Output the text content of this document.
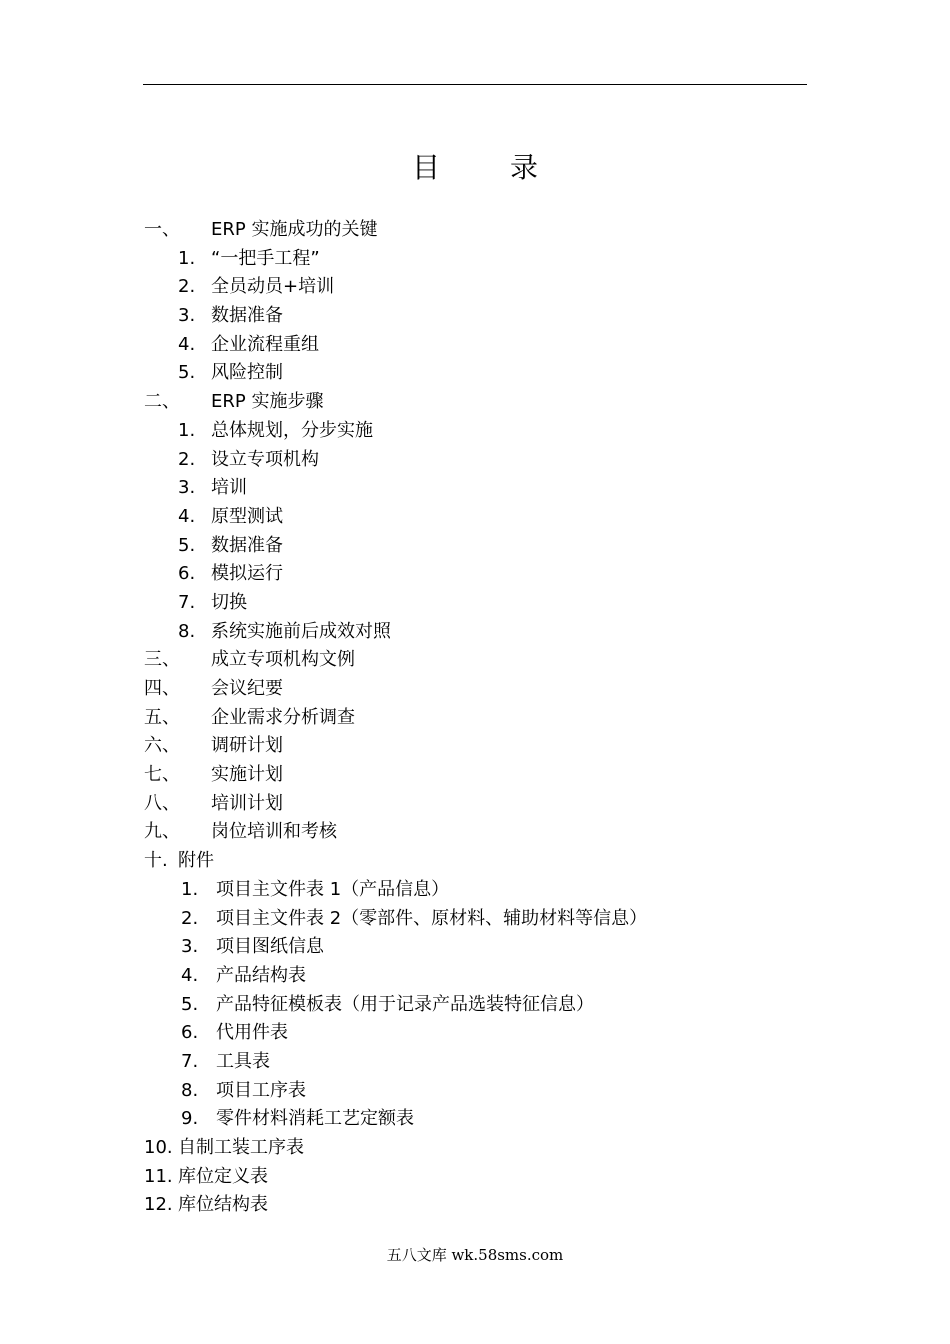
目	录
一、 ERP 实施成功的关键
1. “一把手工程”
2. 全员动员+培训
3. 数据准备
4. 企业流程重组
5. 风险控制
二、 ERP 实施步骤
1. 总体规划，分步实施
2. 设立专项机构
3. 培训
4. 原型测试
5. 数据准备
6. 模拟运行
7. 切换
8. 系统实施前后成效对照
三、 成立专项机构文例
四、 会议纪要
五、 企业需求分析调查
六、 调研计划
七、 实施计划
八、 培训计划
九、 岗位培训和考核
十. 附件
1. 项目主文件表 1（产品信息）
2. 项目主文件表 2（零部件、原材料、辅助材料等信息）
3. 项目图纸信息
4. 产品结构表
5. 产品特征模板表（用于记录产品选装特征信息）
6. 代用件表
7. 工具表
8. 项目工序表
9. 零件材料消耗工艺定额表
10. 自制工装工序表
11. 库位定义表
12. 库位结构表
五八文库 wk.58sms.com
